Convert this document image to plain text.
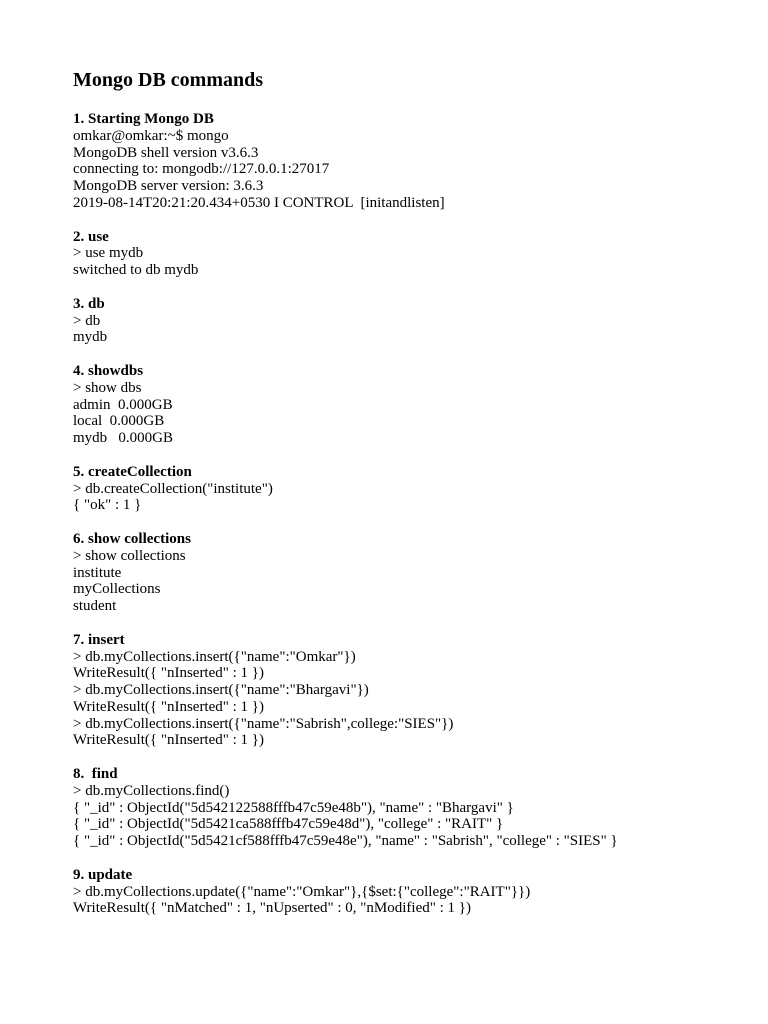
Mongo DB commands
1. Starting Mongo DB
omkar@omkar:~$ mongo
MongoDB shell version v3.6.3
connecting to: mongodb://127.0.0.1:27017
MongoDB server version: 3.6.3
2019-08-14T20:21:20.434+0530 I CONTROL  [initandlisten]
2. use
> use mydb
switched to db mydb
3. db
> db
mydb
4. showdbs
> show dbs
admin  0.000GB
local  0.000GB
mydb   0.000GB
5. createCollection
> db.createCollection("institute")
{ "ok" : 1 }
6. show collections
> show collections
institute
myCollections
student
7. insert
> db.myCollections.insert({"name":"Omkar"})
WriteResult({ "nInserted" : 1 })
> db.myCollections.insert({"name":"Bhargavi"})
WriteResult({ "nInserted" : 1 })
> db.myCollections.insert({"name":"Sabrish",college:"SIES"})
WriteResult({ "nInserted" : 1 })
8.  find
> db.myCollections.find()
{ "_id" : ObjectId("5d542122588fffb47c59e48b"), "name" : "Bhargavi" }
{ "_id" : ObjectId("5d5421ca588fffb47c59e48d"), "college" : "RAIT" }
{ "_id" : ObjectId("5d5421cf588fffb47c59e48e"), "name" : "Sabrish", "college" : "SIES" }
9. update
> db.myCollections.update({"name":"Omkar"},{$set:{"college":"RAIT"}})
WriteResult({ "nMatched" : 1, "nUpserted" : 0, "nModified" : 1 })
